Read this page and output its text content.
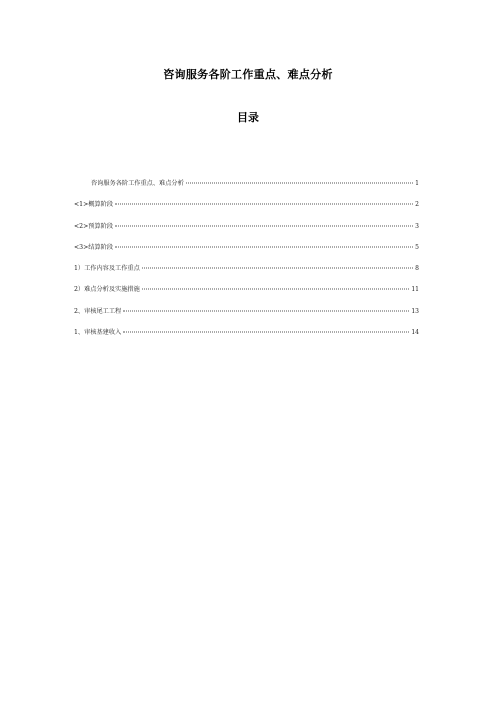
咨询服务各阶工作重点、难点分析
目录
咨询服务各阶工作重点、难点分析	1
<1>概算阶段	2
<2>预算阶段	3
<3>结算阶段	5
1）工作内容及工作重点	8
2）难点分析及实施措施	11
2、审核尾工工程	13
1、审核基建收入	14
